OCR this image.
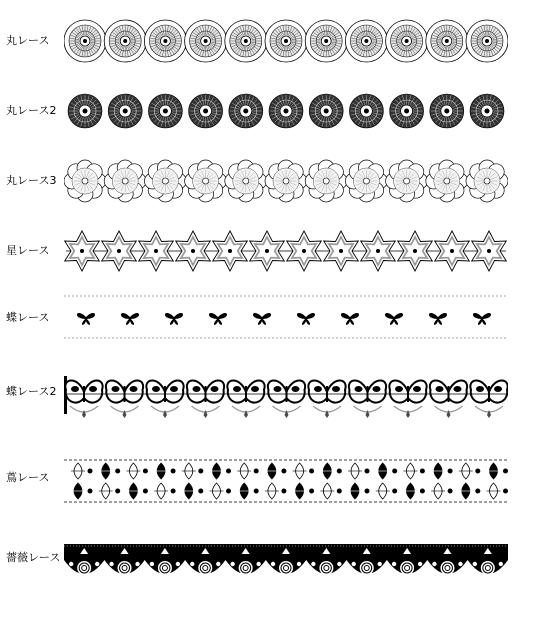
丸レース
丸レース2
丸レース3
星レース
蝶レース
蝶レース2
蔦レース
薔薇レース
